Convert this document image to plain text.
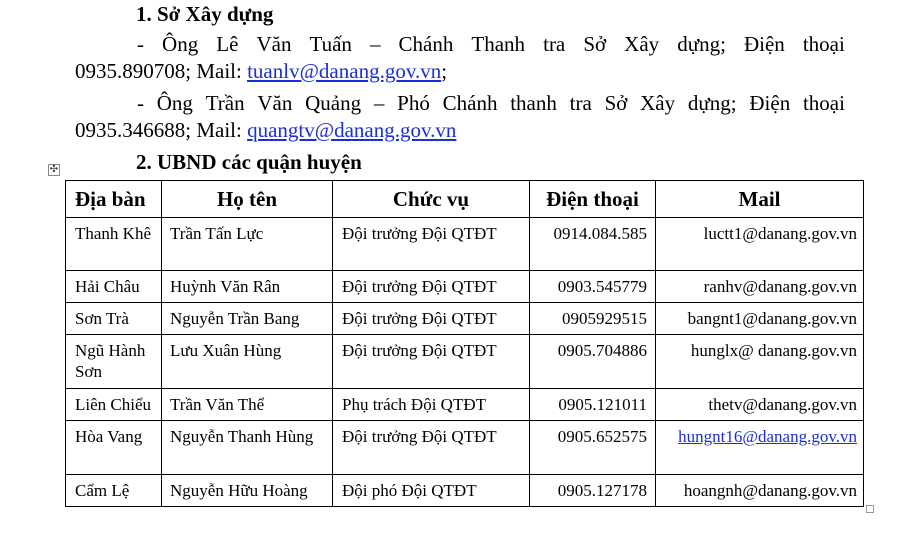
1. Sở Xây dựng
- Ông Lê Văn Tuấn – Chánh Thanh tra Sở Xây dựng; Điện thoại
0935.890708; Mail: tuanlv@danang.gov.vn;
- Ông Trần Văn Quảng – Phó Chánh thanh tra Sở Xây dựng; Điện thoại
0935.346688; Mail: quangtv@danang.gov.vn
2. UBND các quận huyện
✣
Địa bàn	Họ tên	Chức vụ	Điện thoại	Mail
Thanh Khê	Trần Tấn Lực	Đội trưởng Đội QTĐT	0914.084.585	luctt1@danang.gov.vn
Hải Châu	Huỳnh Văn Rân	Đội trưởng Đội QTĐT	0903.545779	ranhv@danang.gov.vn
Sơn Trà	Nguyễn Trần Bang	Đội trưởng Đội QTĐT	0905929515	bangnt1@danang.gov.vn
Ngũ Hành Sơn	Lưu Xuân Hùng	Đội trưởng Đội QTĐT	0905.704886	hunglx@ danang.gov.vn
Liên Chiểu	Trần Văn Thể	Phụ trách Đội QTĐT	0905.121011	thetv@danang.gov.vn
Hòa Vang	Nguyễn Thanh Hùng	Đội trưởng Đội QTĐT	0905.652575	hungnt16@danang.gov.vn
Cẩm Lệ	Nguyễn Hữu Hoàng	Đội phó Đội QTĐT	0905.127178	hoangnh@danang.gov.vn
